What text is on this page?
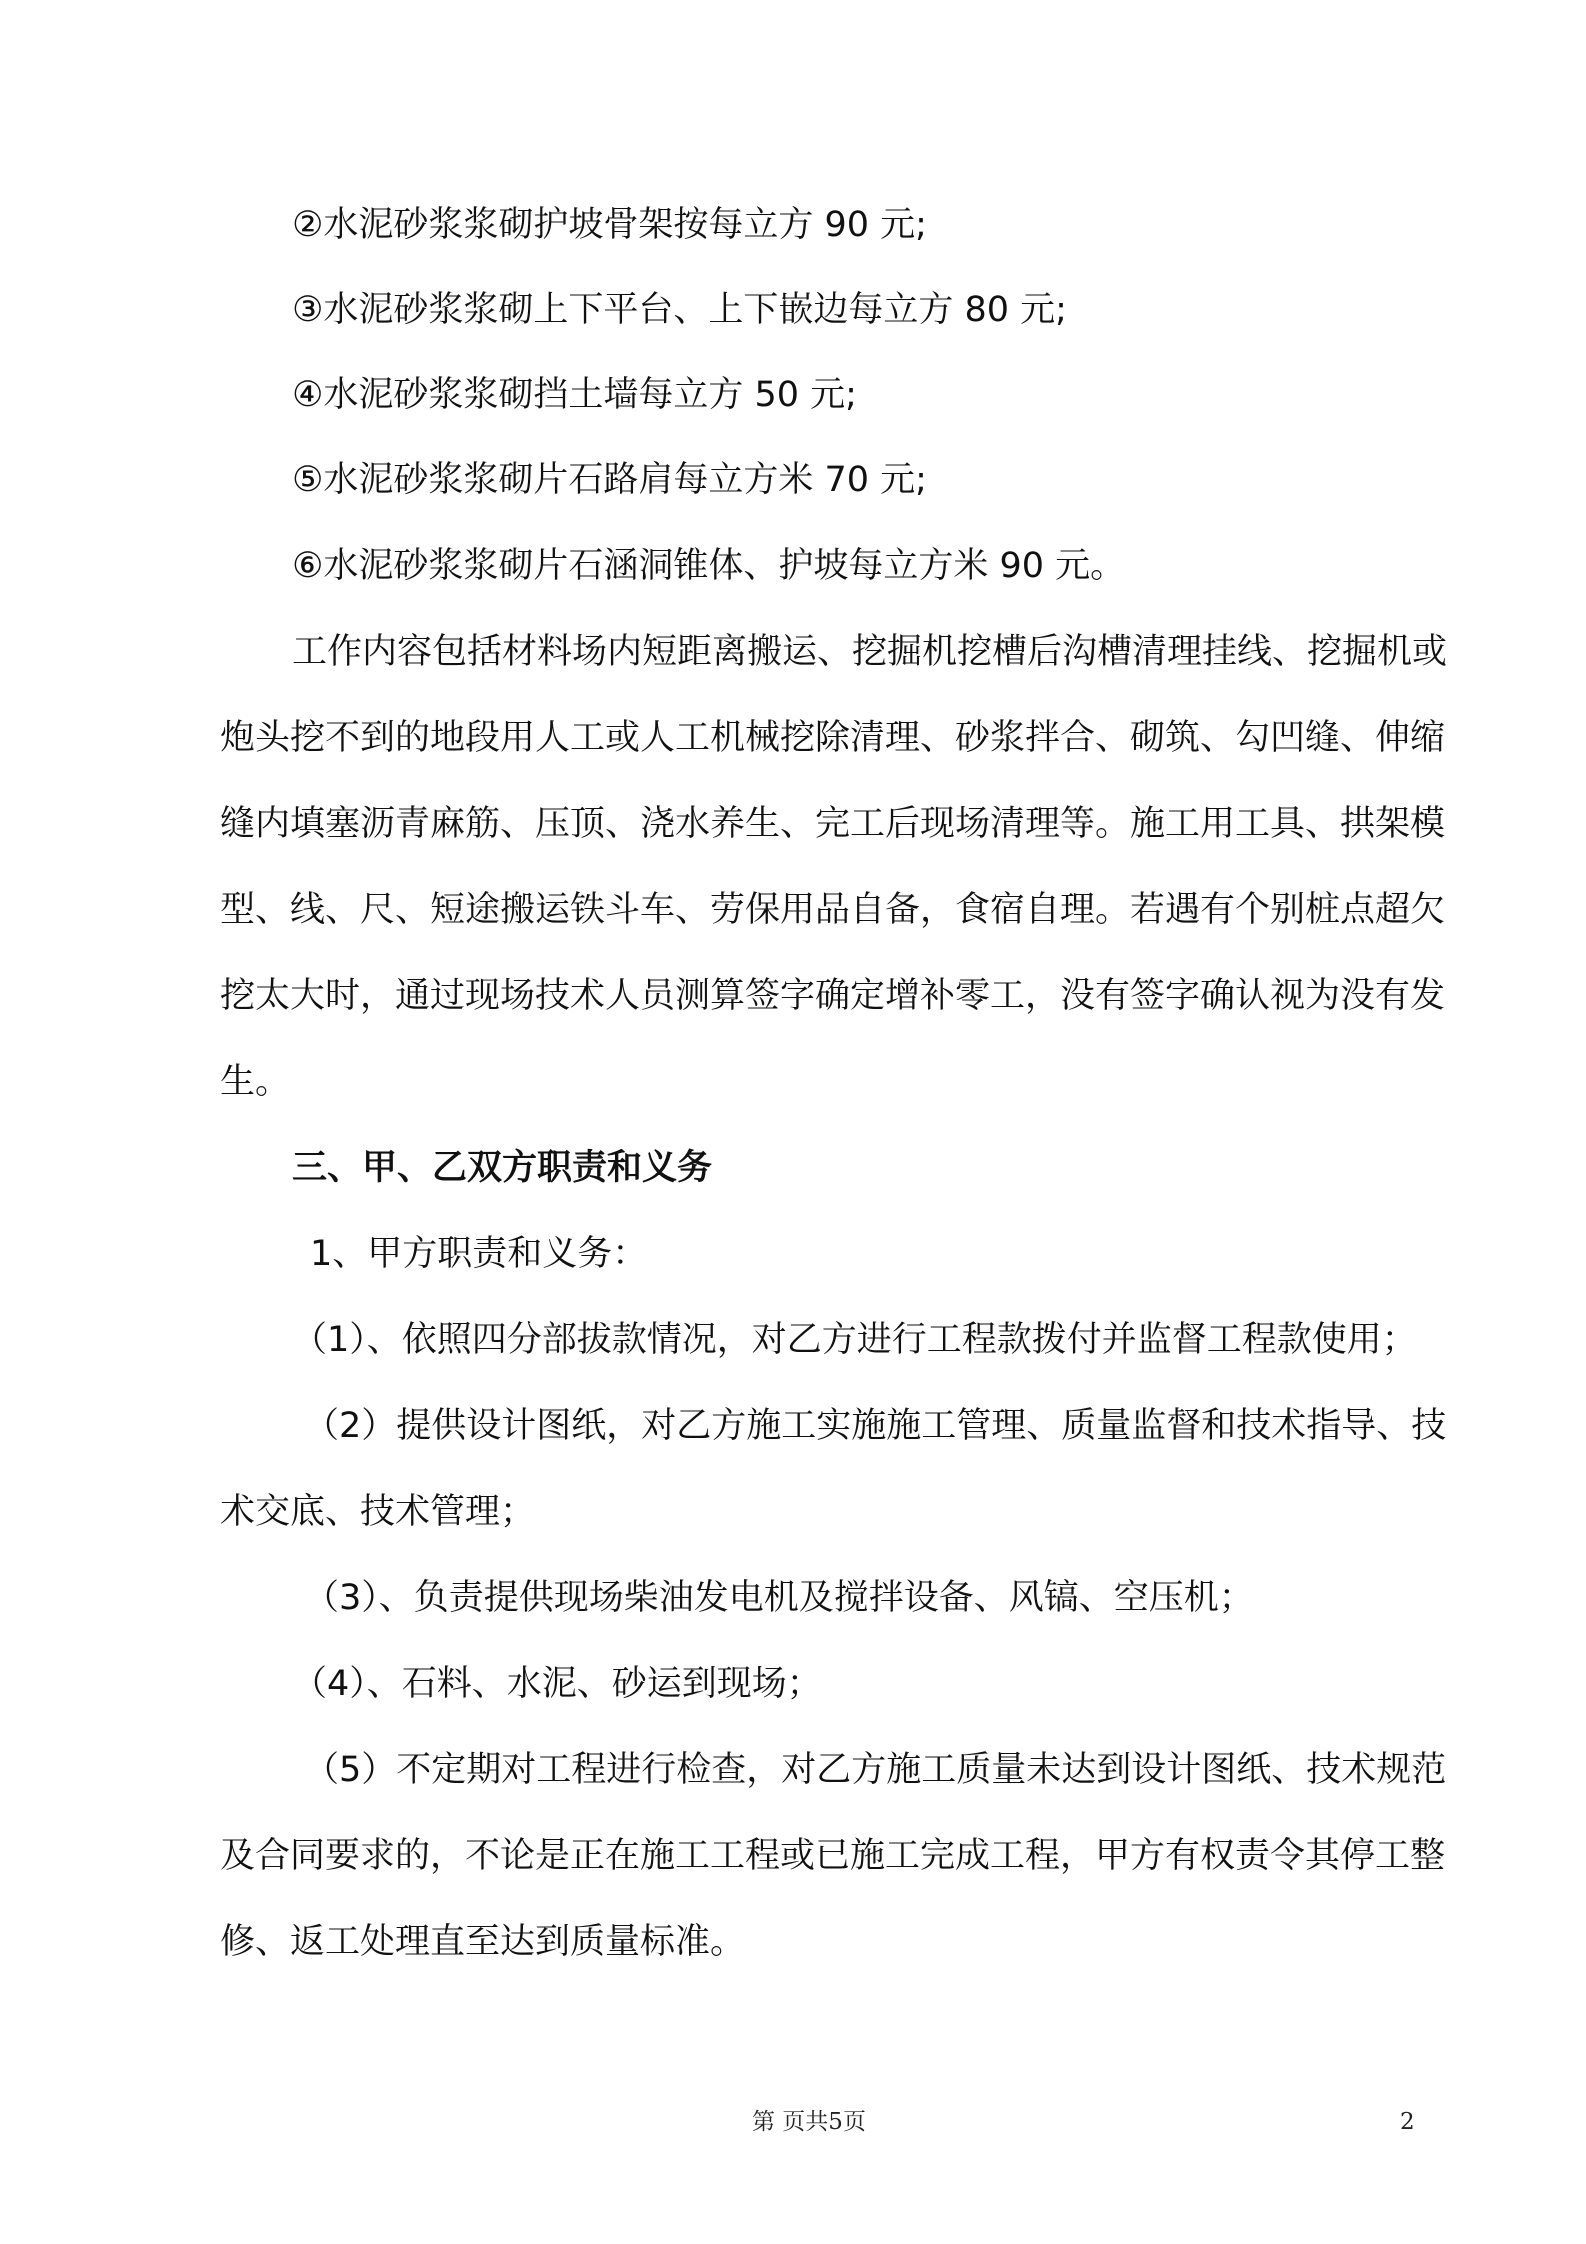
②水泥砂浆浆砌护坡骨架按每立方 90 元;
③水泥砂浆浆砌上下平台、上下嵌边每立方 80 元;
④水泥砂浆浆砌挡土墙每立方 50 元;
⑤水泥砂浆浆砌片石路肩每立方米 70 元;
⑥水泥砂浆浆砌片石涵洞锥体、护坡每立方米 90 元。
工作内容包括材料场内短距离搬运、挖掘机挖槽后沟槽清理挂线、挖掘机或
炮头挖不到的地段用人工或人工机械挖除清理、砂浆拌合、砌筑、勾凹缝、伸缩
缝内填塞沥青麻筋、压顶、浇水养生、完工后现场清理等。施工用工具、拱架模
型、线、尺、短途搬运铁斗车、劳保用品自备，食宿自理。若遇有个别桩点超欠
挖太大时，通过现场技术人员测算签字确定增补零工，没有签字确认视为没有发
生。
三、甲、乙双方职责和义务
1、甲方职责和义务：
（1）、依照四分部拔款情况，对乙方进行工程款拨付并监督工程款使用；
（2）提供设计图纸，对乙方施工实施施工管理、质量监督和技术指导、技
术交底、技术管理；
（3）、负责提供现场柴油发电机及搅拌设备、风镐、空压机；
（4）、石料、水泥、砂运到现场；
（5）不定期对工程进行检查，对乙方施工质量未达到设计图纸、技术规范
及合同要求的，不论是正在施工工程或已施工完成工程，甲方有权责令其停工整
修、返工处理直至达到质量标准。
第 页共5页	2
